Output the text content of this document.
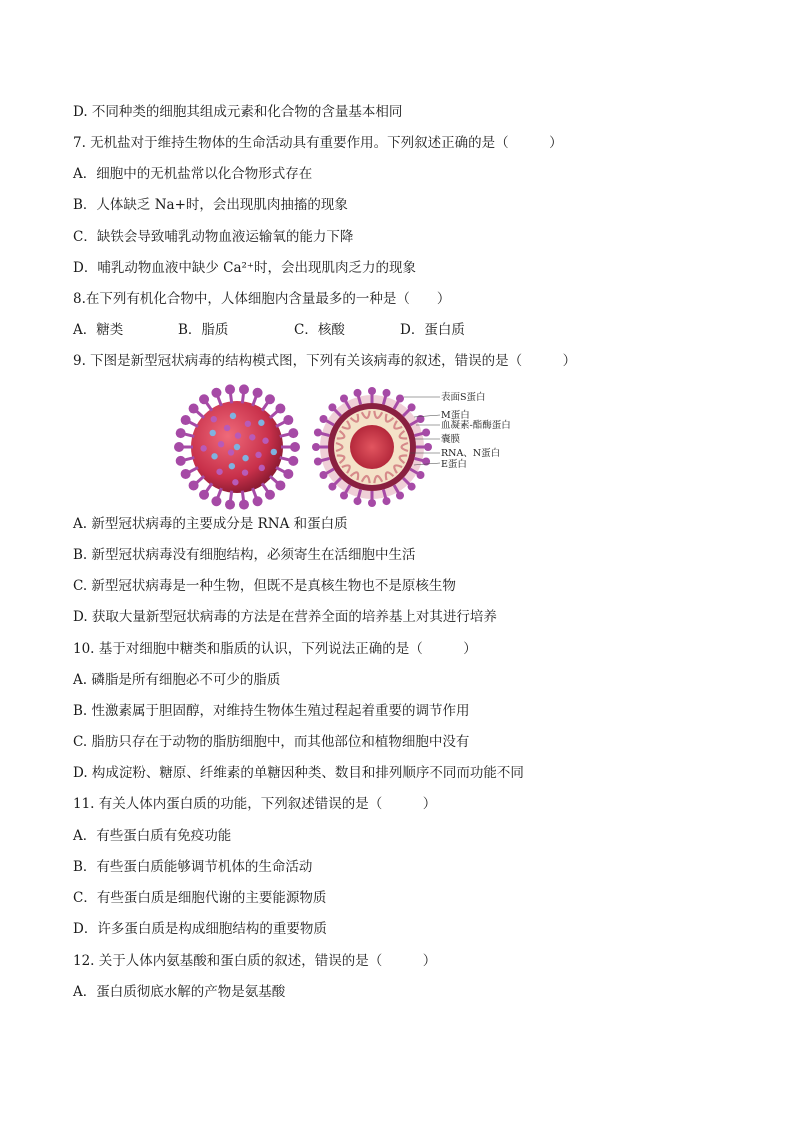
D. 不同种类的细胞其组成元素和化合物的含量基本相同
7. 无机盐对于维持生物体的生命活动具有重要作用。下列叙述正确的是（　　　）
A．细胞中的无机盐常以化合物形式存在
B．人体缺乏 Na+时，会出现肌肉抽搐的现象
C．缺铁会导致哺乳动物血液运输氧的能力下降
D．哺乳动物血液中缺少 Ca²⁺时，会出现肌肉乏力的现象
8.在下列有机化合物中，人体细胞内含量最多的一种是（　　）
A．糖类	B．脂质	C．核酸	D．蛋白质
9. 下图是新型冠状病毒的结构模式图，下列有关该病毒的叙述，错误的是（　　　）
表面S蛋白
M蛋白
血凝素-酯酶蛋白
囊膜
RNA、N蛋白
E蛋白
A. 新型冠状病毒的主要成分是 RNA 和蛋白质
B. 新型冠状病毒没有细胞结构，必须寄生在活细胞中生活
C. 新型冠状病毒是一种生物，但既不是真核生物也不是原核生物
D. 获取大量新型冠状病毒的方法是在营养全面的培养基上对其进行培养
10. 基于对细胞中糖类和脂质的认识，下列说法正确的是（　　　）
A. 磷脂是所有细胞必不可少的脂质
B. 性激素属于胆固醇，对维持生物体生殖过程起着重要的调节作用
C. 脂肪只存在于动物的脂肪细胞中，而其他部位和植物细胞中没有
D. 构成淀粉、糖原、纤维素的单糖因种类、数目和排列顺序不同而功能不同
11. 有关人体内蛋白质的功能，下列叙述错误的是（　　　）
A．有些蛋白质有免疫功能
B．有些蛋白质能够调节机体的生命活动
C．有些蛋白质是细胞代谢的主要能源物质
D．许多蛋白质是构成细胞结构的重要物质
12. 关于人体内氨基酸和蛋白质的叙述，错误的是（　　　）
A．蛋白质彻底水解的产物是氨基酸
